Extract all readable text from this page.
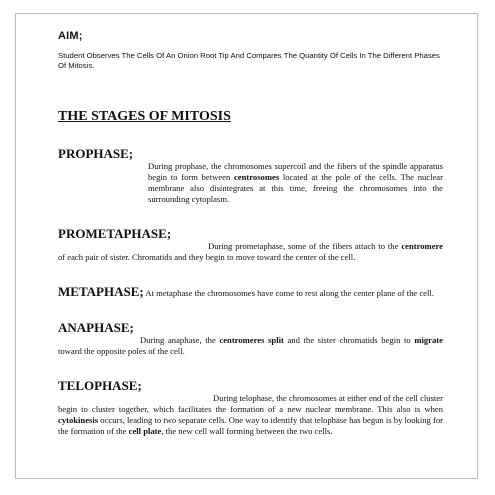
AIM;

Student Observes The Cells Of An Onion Root Tip And Compares The Quantity Of Cells In The Different Phases Of Mitosis.

THE STAGES OF MITOSIS
PROPHASE;
During prophase, the chromosomes supercoil and the fibers of the spindle apparatus begin to form between centrosomes located at the pole of the cells. The nuclear membrane also disintegrates at this time, freeing the chromosomes into the surrounding cytoplasm.
PROMETAPHASE;
During prometaphase, some of the fibers attach to the centromere of each pair of sister. Chromatids and they begin to move toward the center of the cell.
METAPHASE; At metaphase the chromosomes have come to rest along the center plane of the cell.
ANAPHASE;
During anaphase, the centromeres split and the sister chromatids begin to migrate toward the opposite poles of the cell.
TELOPHASE;
During telophase, the chromosomes at either end of the cell cluster begin to cluster together, which facilitates the formation of a new nuclear membrane. This also is when cytokinesis occurs, leading to two separate cells. One way to identify that telophase has begun is by looking for the formation of the cell plate, the new cell wall forming between the two cells.
